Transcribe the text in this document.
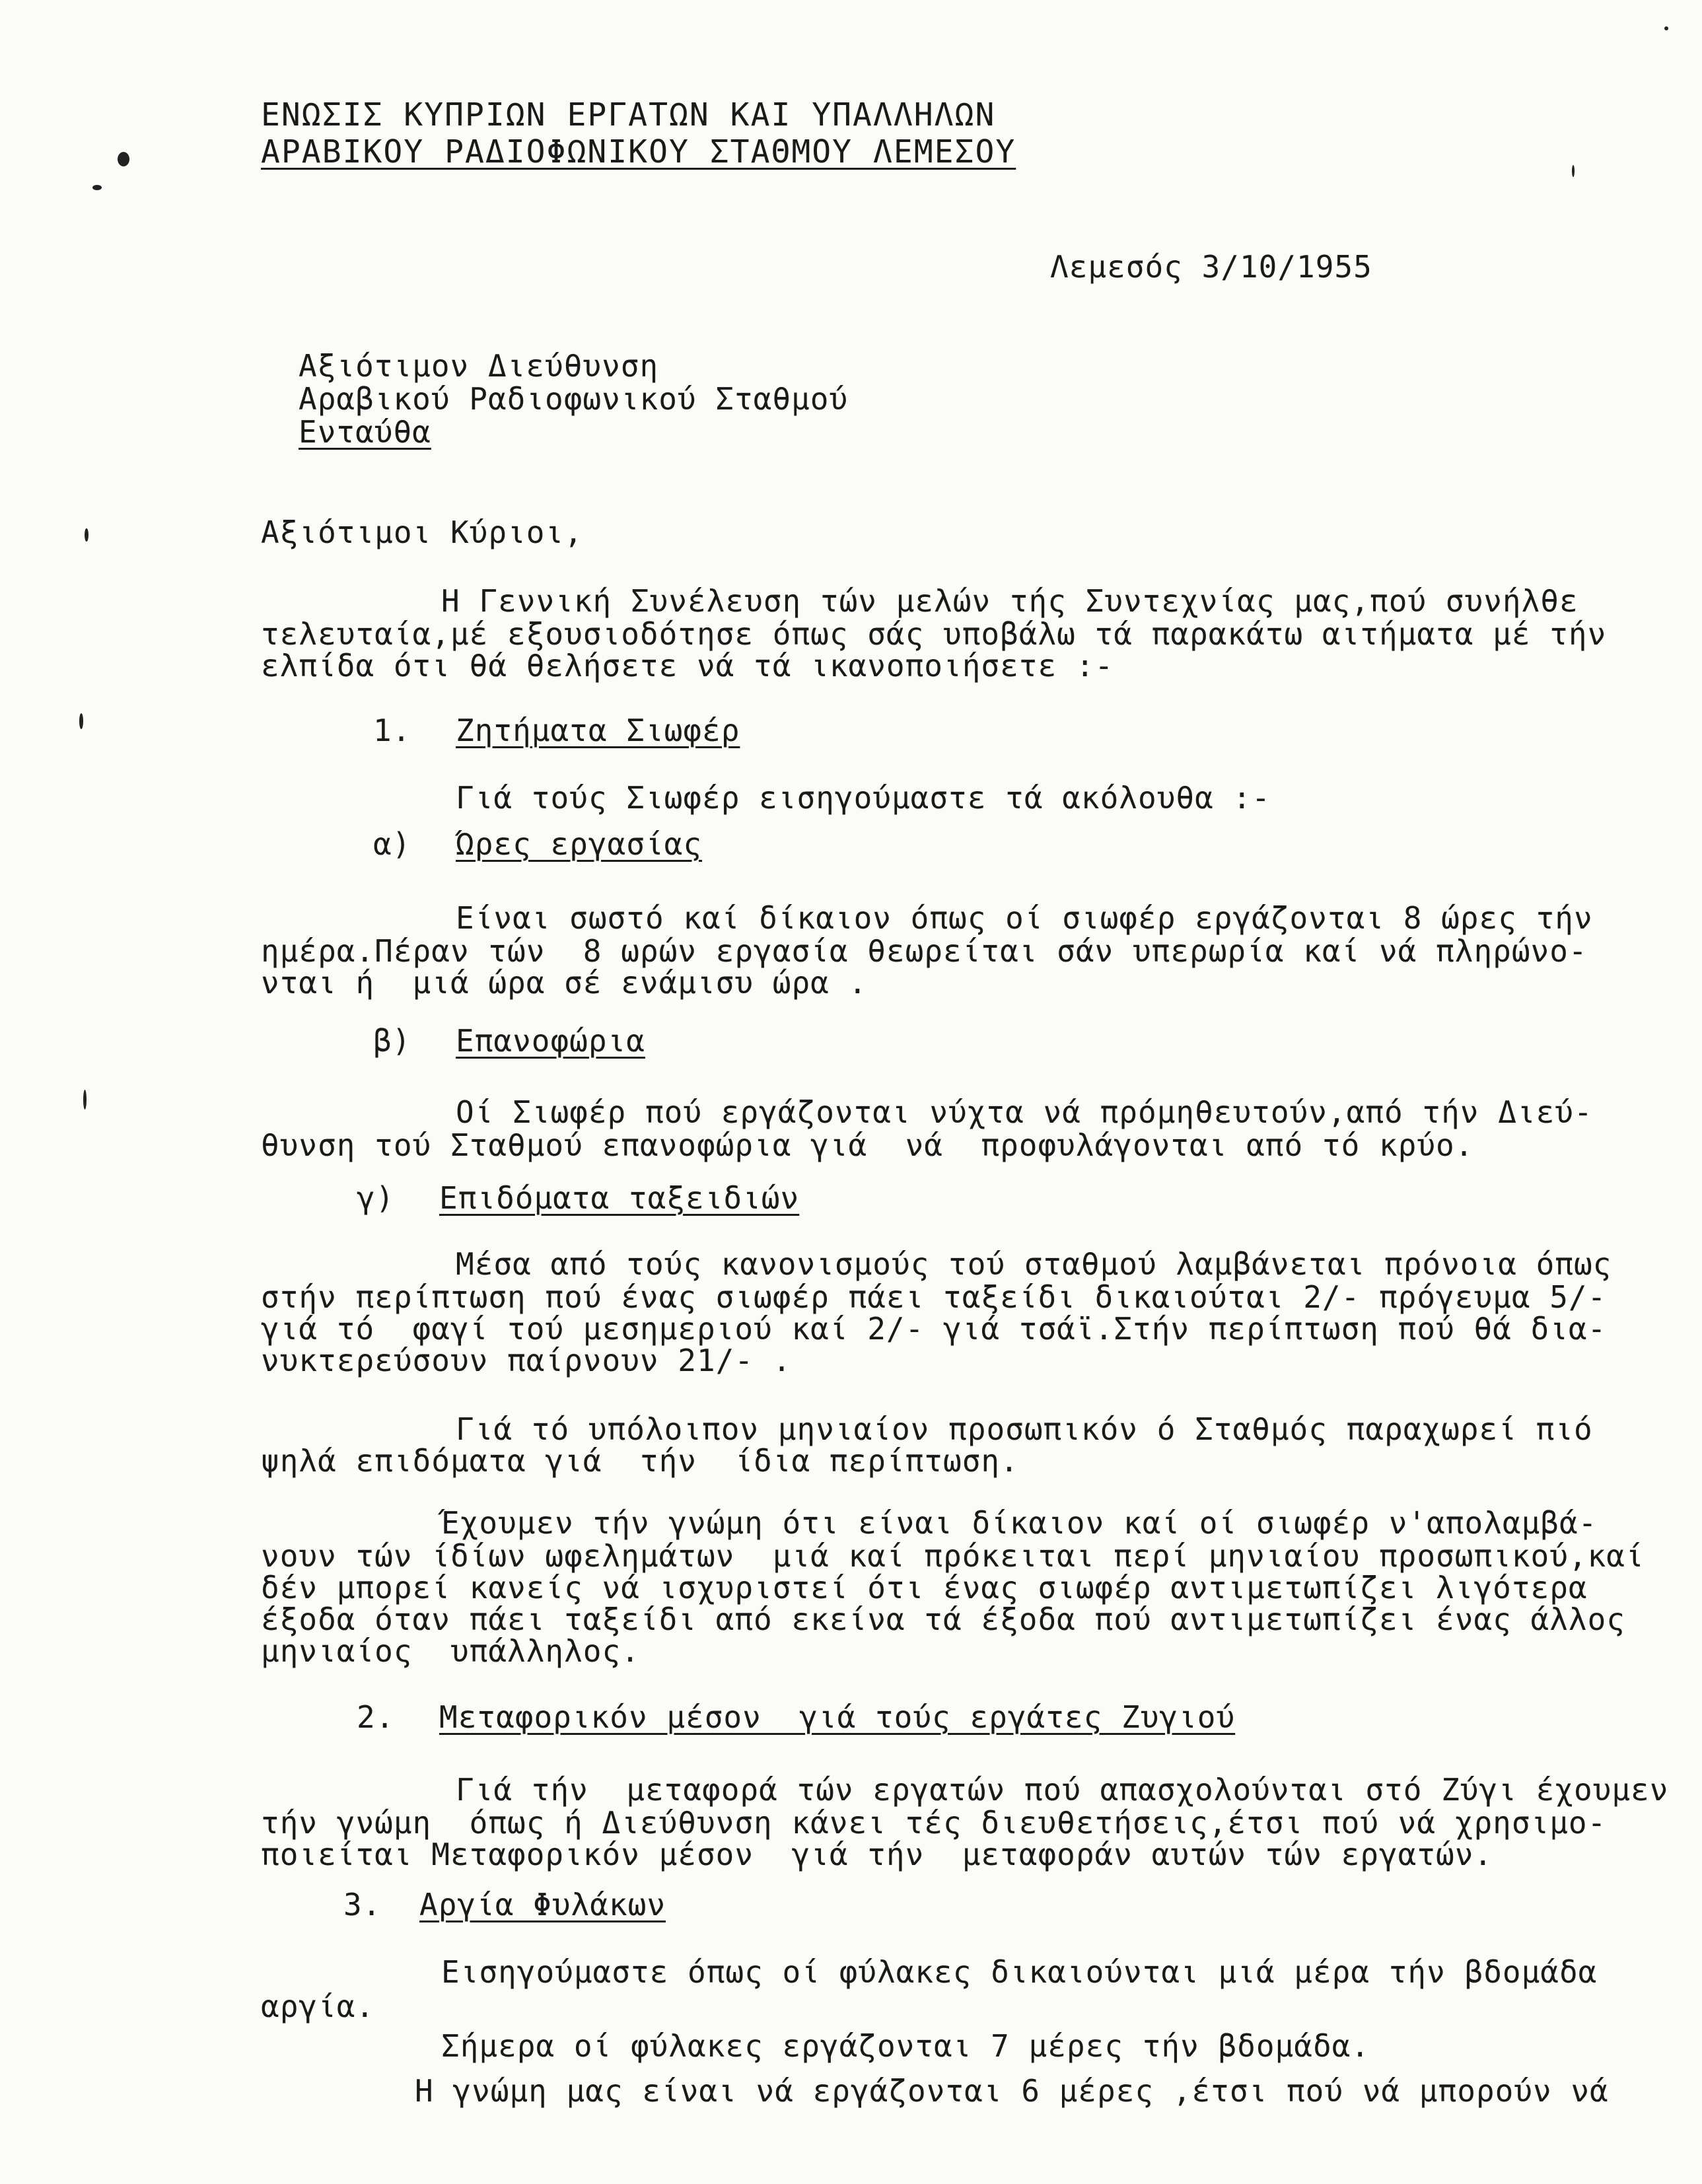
ΕΝΩΣΙΣ ΚΥΠΡΙΩΝ ΕΡΓΑΤΩΝ ΚΑΙ ΥΠΑΛΛΗΛΩΝ
ΑΡΑΒΙΚΟΥ ΡΑΔΙΟΦΩΝΙΚΟΥ ΣΤΑΘΜΟΥ ΛΕΜΕΣΟΥ
Λεμεσός 3/10/1955
Αξιότιμον Διεύθυνση
Αραβικού Ραδιοφωνικού Σταθμού
Ενταύθα
Αξιότιμοι Κύριοι,
Η Γεννική Συνέλευση τών μελών τής Συντεχνίας μας,πού συνήλθε
τελευταία,μέ εξουσιοδότησε όπως σάς υποβάλω τά παρακάτω αιτήματα μέ τήν
ελπίδα ότι θά θελήσετε νά τά ικανοποιήσετε :-
1. Ζητήματα Σιωφέρ
Γιά τούς Σιωφέρ εισηγούμαστε τά ακόλουθα :-
α) Ώρες εργασίας
Είναι σωστό καί δίκαιον όπως οί σιωφέρ εργάζονται 8 ώρες τήν
ημέρα.Πέραν τών  8 ωρών εργασία θεωρείται σάν υπερωρία καί νά πληρώνο-
νται ή  μιά ώρα σέ ενάμισυ ώρα .
β) Επανοφώρια
Οί Σιωφέρ πού εργάζονται νύχτα νά πρόμηθευτούν,από τήν Διεύ-
θυνση τού Σταθμού επανοφώρια γιά  νά  προφυλάγονται από τό κρύο.
γ) Επιδόματα ταξειδιών
Μέσα από τούς κανονισμούς τού σταθμού λαμβάνεται πρόνοια όπως
στήν περίπτωση πού ένας σιωφέρ πάει ταξείδι δικαιούται 2/- πρόγευμα 5/-
γιά τό  φαγί τού μεσημεριού καί 2/- γιά τσάϊ.Στήν περίπτωση πού θά δια-
νυκτερεύσουν παίρνουν 21/- .
Γιά τό υπόλοιπον μηνιαίον προσωπικόν ό Σταθμός παραχωρεί πιό
ψηλά επιδόματα γιά  τήν  ίδια περίπτωση.
Έχουμεν τήν γνώμη ότι είναι δίκαιον καί οί σιωφέρ ν'απολαμβά-
νουν τών ίδίων ωφελημάτων  μιά καί πρόκειται περί μηνιαίου προσωπικού,καί
δέν μπορεί κανείς νά ισχυριστεί ότι ένας σιωφέρ αντιμετωπίζει λιγότερα
έξοδα όταν πάει ταξείδι από εκείνα τά έξοδα πού αντιμετωπίζει ένας άλλος
μηνιαίος  υπάλληλος.
2. Μεταφορικόν μέσον  γιά τούς εργάτες Ζυγιού
Γιά τήν  μεταφορά τών εργατών πού απασχολούνται στό Ζύγι έχουμεν
τήν γνώμη  όπως ή Διεύθυνση κάνει τές διευθετήσεις,έτσι πού νά χρησιμο-
ποιείται Μεταφορικόν μέσον  γιά τήν  μεταφοράν αυτών τών εργατών.
3. Αργία Φυλάκων
Εισηγούμαστε όπως οί φύλακες δικαιούνται μιά μέρα τήν βδομάδα
αργία.
Σήμερα οί φύλακες εργάζονται 7 μέρες τήν βδομάδα.
Η γνώμη μας είναι νά εργάζονται 6 μέρες ,έτσι πού νά μπορούν νά
